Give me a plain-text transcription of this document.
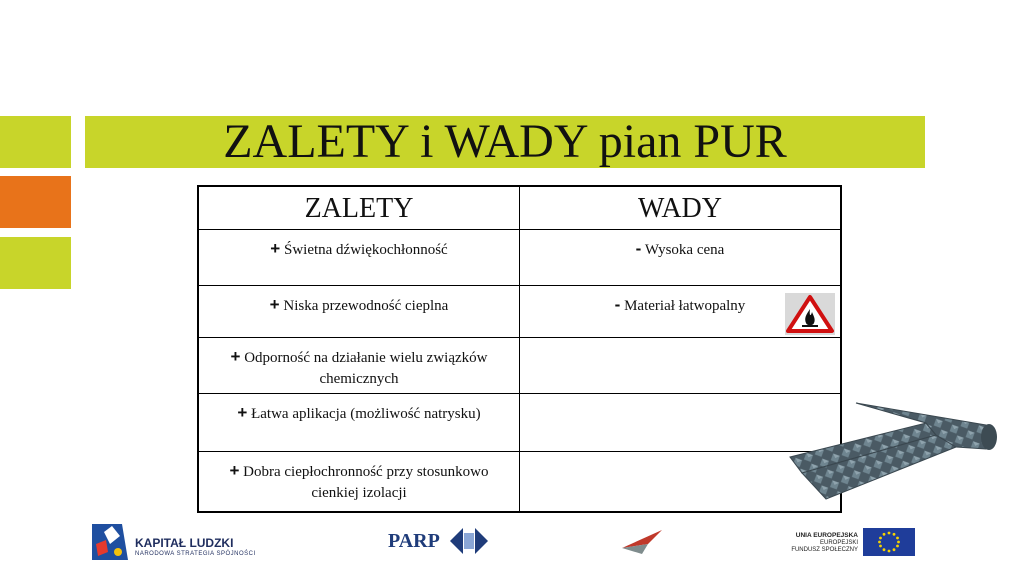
ZALETY i WADY pian PUR
ZALETY	WADY
+ Świetna dźwiękochłonność	- Wysoka cena
+ Niska przewodność cieplna	- Materiał łatwopalny
+ Odporność na działanie wielu związków chemicznych	
+ Łatwa aplikacja (możliwość natrysku)	
+ Dobra ciepłochronność przy stosunkowo cienkiej izolacji	
KAPITAŁ LUDZKI
NARODOWA STRATEGIA SPÓJNOŚCI
PARP	UNIA EUROPEJSKA
EUROPEJSKI
FUNDUSZ SPOŁECZNY
